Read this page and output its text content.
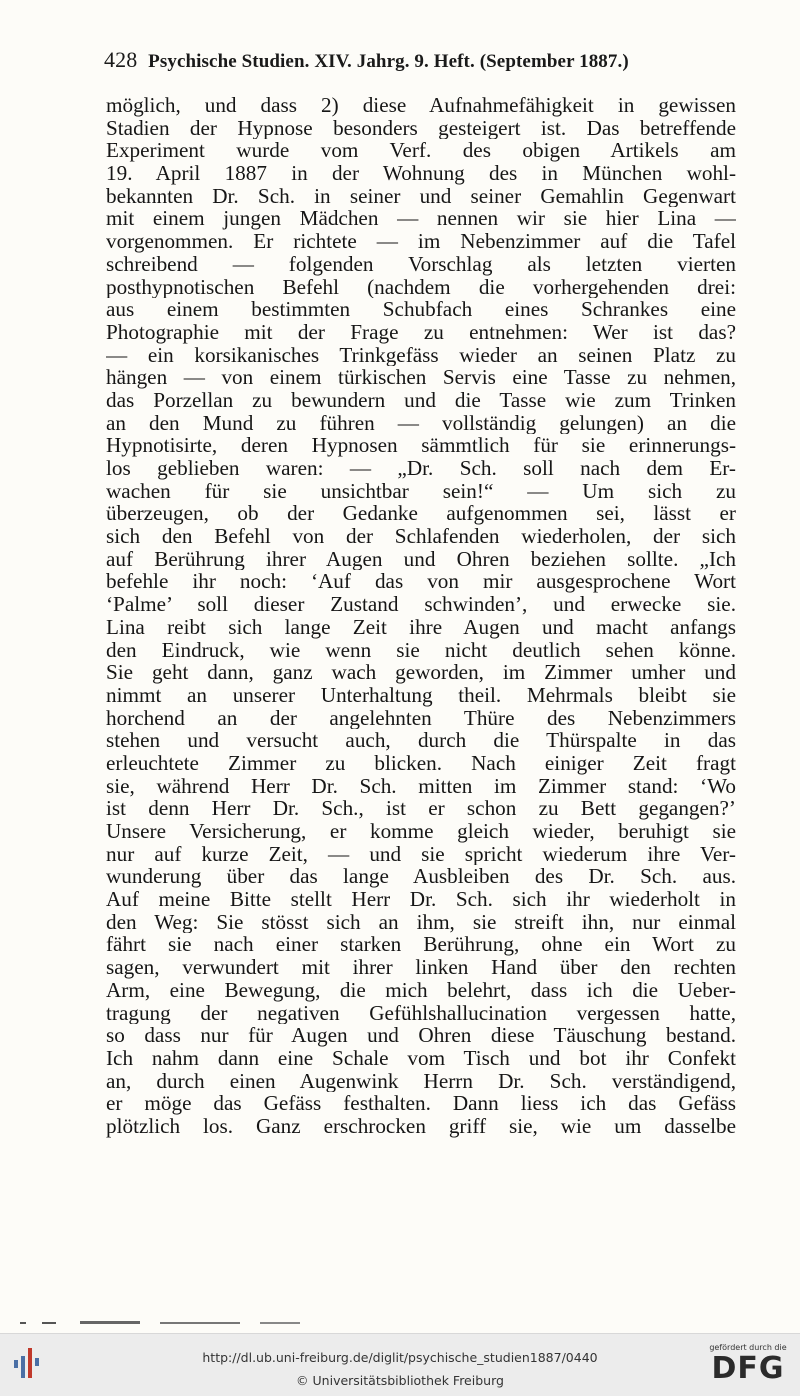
428 Psychische Studien. XIV. Jahrg. 9. Heft. (September 1887.)
möglich, und dass 2) diese Aufnahmefähigkeit in gewissen
Stadien der Hypnose besonders gesteigert ist. Das betreffende
Experiment wurde vom Verf. des obigen Artikels am
19. April 1887 in der Wohnung des in München wohl-
bekannten Dr. Sch. in seiner und seiner Gemahlin Gegenwart
mit einem jungen Mädchen — nennen wir sie hier Lina —
vorgenommen. Er richtete — im Nebenzimmer auf die Tafel
schreibend — folgenden Vorschlag als letzten vierten
posthypnotischen Befehl (nachdem die vorhergehenden drei:
aus einem bestimmten Schubfach eines Schrankes eine
Photographie mit der Frage zu entnehmen: Wer ist das?
— ein korsikanisches Trinkgefäss wieder an seinen Platz zu
hängen — von einem türkischen Servis eine Tasse zu nehmen,
das Porzellan zu bewundern und die Tasse wie zum Trinken
an den Mund zu führen — vollständig gelungen) an die
Hypnotisirte, deren Hypnosen sämmtlich für sie erinnerungs-
los geblieben waren: — „Dr. Sch. soll nach dem Er-
wachen für sie unsichtbar sein!“ — Um sich zu
überzeugen, ob der Gedanke aufgenommen sei, lässt er
sich den Befehl von der Schlafenden wiederholen, der sich
auf Berührung ihrer Augen und Ohren beziehen sollte. „Ich
befehle ihr noch: ‘Auf das von mir ausgesprochene Wort
‘Palme’ soll dieser Zustand schwinden’, und erwecke sie.
Lina reibt sich lange Zeit ihre Augen und macht anfangs
den Eindruck, wie wenn sie nicht deutlich sehen könne.
Sie geht dann, ganz wach geworden, im Zimmer umher und
nimmt an unserer Unterhaltung theil. Mehrmals bleibt sie
horchend an der angelehnten Thüre des Nebenzimmers
stehen und versucht auch, durch die Thürspalte in das
erleuchtete Zimmer zu blicken. Nach einiger Zeit fragt
sie, während Herr Dr. Sch. mitten im Zimmer stand: ‘Wo
ist denn Herr Dr. Sch., ist er schon zu Bett gegangen?’
Unsere Versicherung, er komme gleich wieder, beruhigt sie
nur auf kurze Zeit, — und sie spricht wiederum ihre Ver-
wunderung über das lange Ausbleiben des Dr. Sch. aus.
Auf meine Bitte stellt Herr Dr. Sch. sich ihr wiederholt in
den Weg: Sie stösst sich an ihm, sie streift ihn, nur einmal
fährt sie nach einer starken Berührung, ohne ein Wort zu
sagen, verwundert mit ihrer linken Hand über den rechten
Arm, eine Bewegung, die mich belehrt, dass ich die Ueber-
tragung der negativen Gefühlshallucination vergessen hatte,
so dass nur für Augen und Ohren diese Täuschung bestand.
Ich nahm dann eine Schale vom Tisch und bot ihr Confekt
an, durch einen Augenwink Herrn Dr. Sch. verständigend,
er möge das Gefäss festhalten. Dann liess ich das Gefäss
plötzlich los. Ganz erschrocken griff sie, wie um dasselbe
http://dl.ub.uni-freiburg.de/diglit/psychische_studien1887/0440
© Universitätsbibliothek Freiburg
gefördert durch die
DFG
